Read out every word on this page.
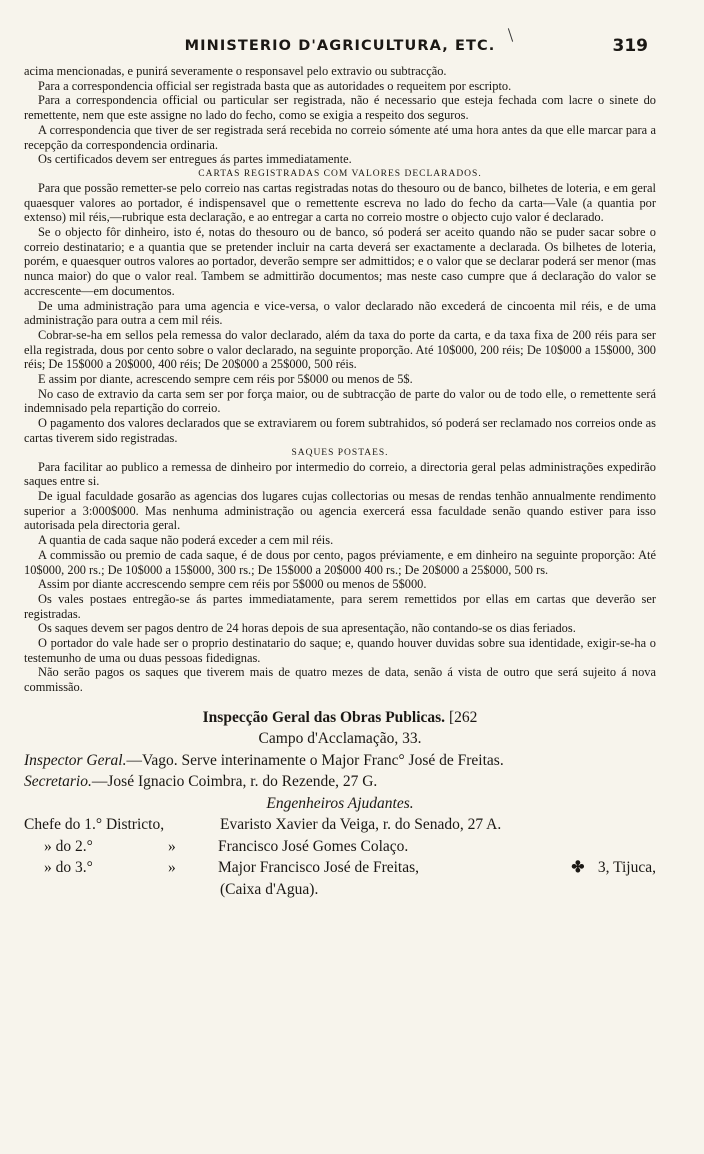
MINISTERIO D'AGRICULTURA, ETC.	319

acima mencionadas, e punirá severamente o responsavel pelo extravio ou subtracção.

Para a correspondencia official ser registrada basta que as autoridades o requeitem por escripto.

Para a correspondencia official ou particular ser registrada, não é necessario que esteja fechada com lacre o sinete do remettente, nem que este assigne no lado do fecho, como se exigia a respeito dos seguros.

A correspondencia que tiver de ser registrada será recebida no correio sómente até uma hora antes da que elle marcar para a recepção da correspondencia ordinaria.

Os certificados devem ser entregues ás partes immediatamente.

CARTAS REGISTRADAS COM VALORES DECLARADOS.

Para que possão remetter-se pelo correio nas cartas registradas notas do thesouro ou de banco, bilhetes de loteria, e em geral quaesquer valores ao portador, é indispensavel que o remettente escreva no lado do fecho da carta—Vale (a quantia por extenso) mil réis,—rubrique esta declaração, e ao entregar a carta no correio mostre o objecto cujo valor é declarado.

Se o objecto fôr dinheiro, isto é, notas do thesouro ou de banco, só poderá ser aceito quando não se puder sacar sobre o correio destinatario; e a quantia que se pretender incluir na carta deverá ser exactamente a declarada. Os bilhetes de loteria, porém, e quaesquer outros valores ao portador, deverão sempre ser admittidos; e o valor que se declarar poderá ser menor (mas nunca maior) do que o valor real. Tambem se admittirão documentos; mas neste caso cumpre que á declaração do valor se accrescente—em documentos.

De uma administração para uma agencia e vice-versa, o valor declarado não excederá de cincoenta mil réis, e de uma administração para outra a cem mil réis.

Cobrar-se-ha em sellos pela remessa do valor declarado, além da taxa do porte da carta, e da taxa fixa de 200 réis para ser ella registrada, dous por cento sobre o valor declarado, na seguinte proporção. Até 10$000, 200 réis; De 10$000 a 15$000, 300 réis; De 15$000 a 20$000, 400 réis; De 20$000 a 25$000, 500 réis.

E assim por diante, acrescendo sempre cem réis por 5$000 ou menos de 5$.

No caso de extravio da carta sem ser por força maior, ou de subtracção de parte do valor ou de todo elle, o remettente será indemnisado pela repartição do correio.

O pagamento dos valores declarados que se extraviarem ou forem subtrahidos, só poderá ser reclamado nos correios onde as cartas tiverem sido registradas.

SAQUES POSTAES.

Para facilitar ao publico a remessa de dinheiro por intermedio do correio, a directoria geral pelas administrações expedirão saques entre si.

De igual faculdade gosarão as agencias dos lugares cujas collectorias ou mesas de rendas tenhão annualmente rendimento superior a 3:000$000. Mas nenhuma administração ou agencia exercerá essa faculdade senão quando estiver para isso autorisada pela directoria geral.

A quantia de cada saque não poderá exceder a cem mil réis.

A commissão ou premio de cada saque, é de dous por cento, pagos préviamente, e em dinheiro na seguinte proporção: Até 10$000, 200 rs.; De 10$000 a 15$000, 300 rs.; De 15$000 a 20$000 400 rs.; De 20$000 a 25$000, 500 rs.

Assim por diante accrescendo sempre cem réis por 5$000 ou menos de 5$000.

Os vales postaes entregão-se ás partes immediatamente, para serem remettidos por ellas em cartas que deverão ser registradas.

Os saques devem ser pagos dentro de 24 horas depois de sua apresentação, não contando-se os dias feriados.

O portador do vale hade ser o proprio destinatario do saque; e, quando houver duvidas sobre sua identidade, exigir-se-ha o testemunho de uma ou duas pessoas fidedignas.

Não serão pagos os saques que tiverem mais de quatro mezes de data, senão á vista de outro que será sujeito á nova commissão.

Inspecção Geral das Obras Publicas. [262
Campo d'Acclamação, 33.
Inspector Geral.—Vago. Serve interinamente o Major Franc° José de Freitas.
Secretario.—José Ignacio Coimbra, r. do Rezende, 27 G.
Engenheiros Ajudantes.
Chefe do 1.° Districto,	Evaristo Xavier da Veiga, r. do Senado, 27 A.
» do 2.°	»	Francisco José Gomes Colaço.
» do 3.°	»	Major Francisco José de Freitas,	✤ 3, Tijuca,
(Caixa d'Agua).
